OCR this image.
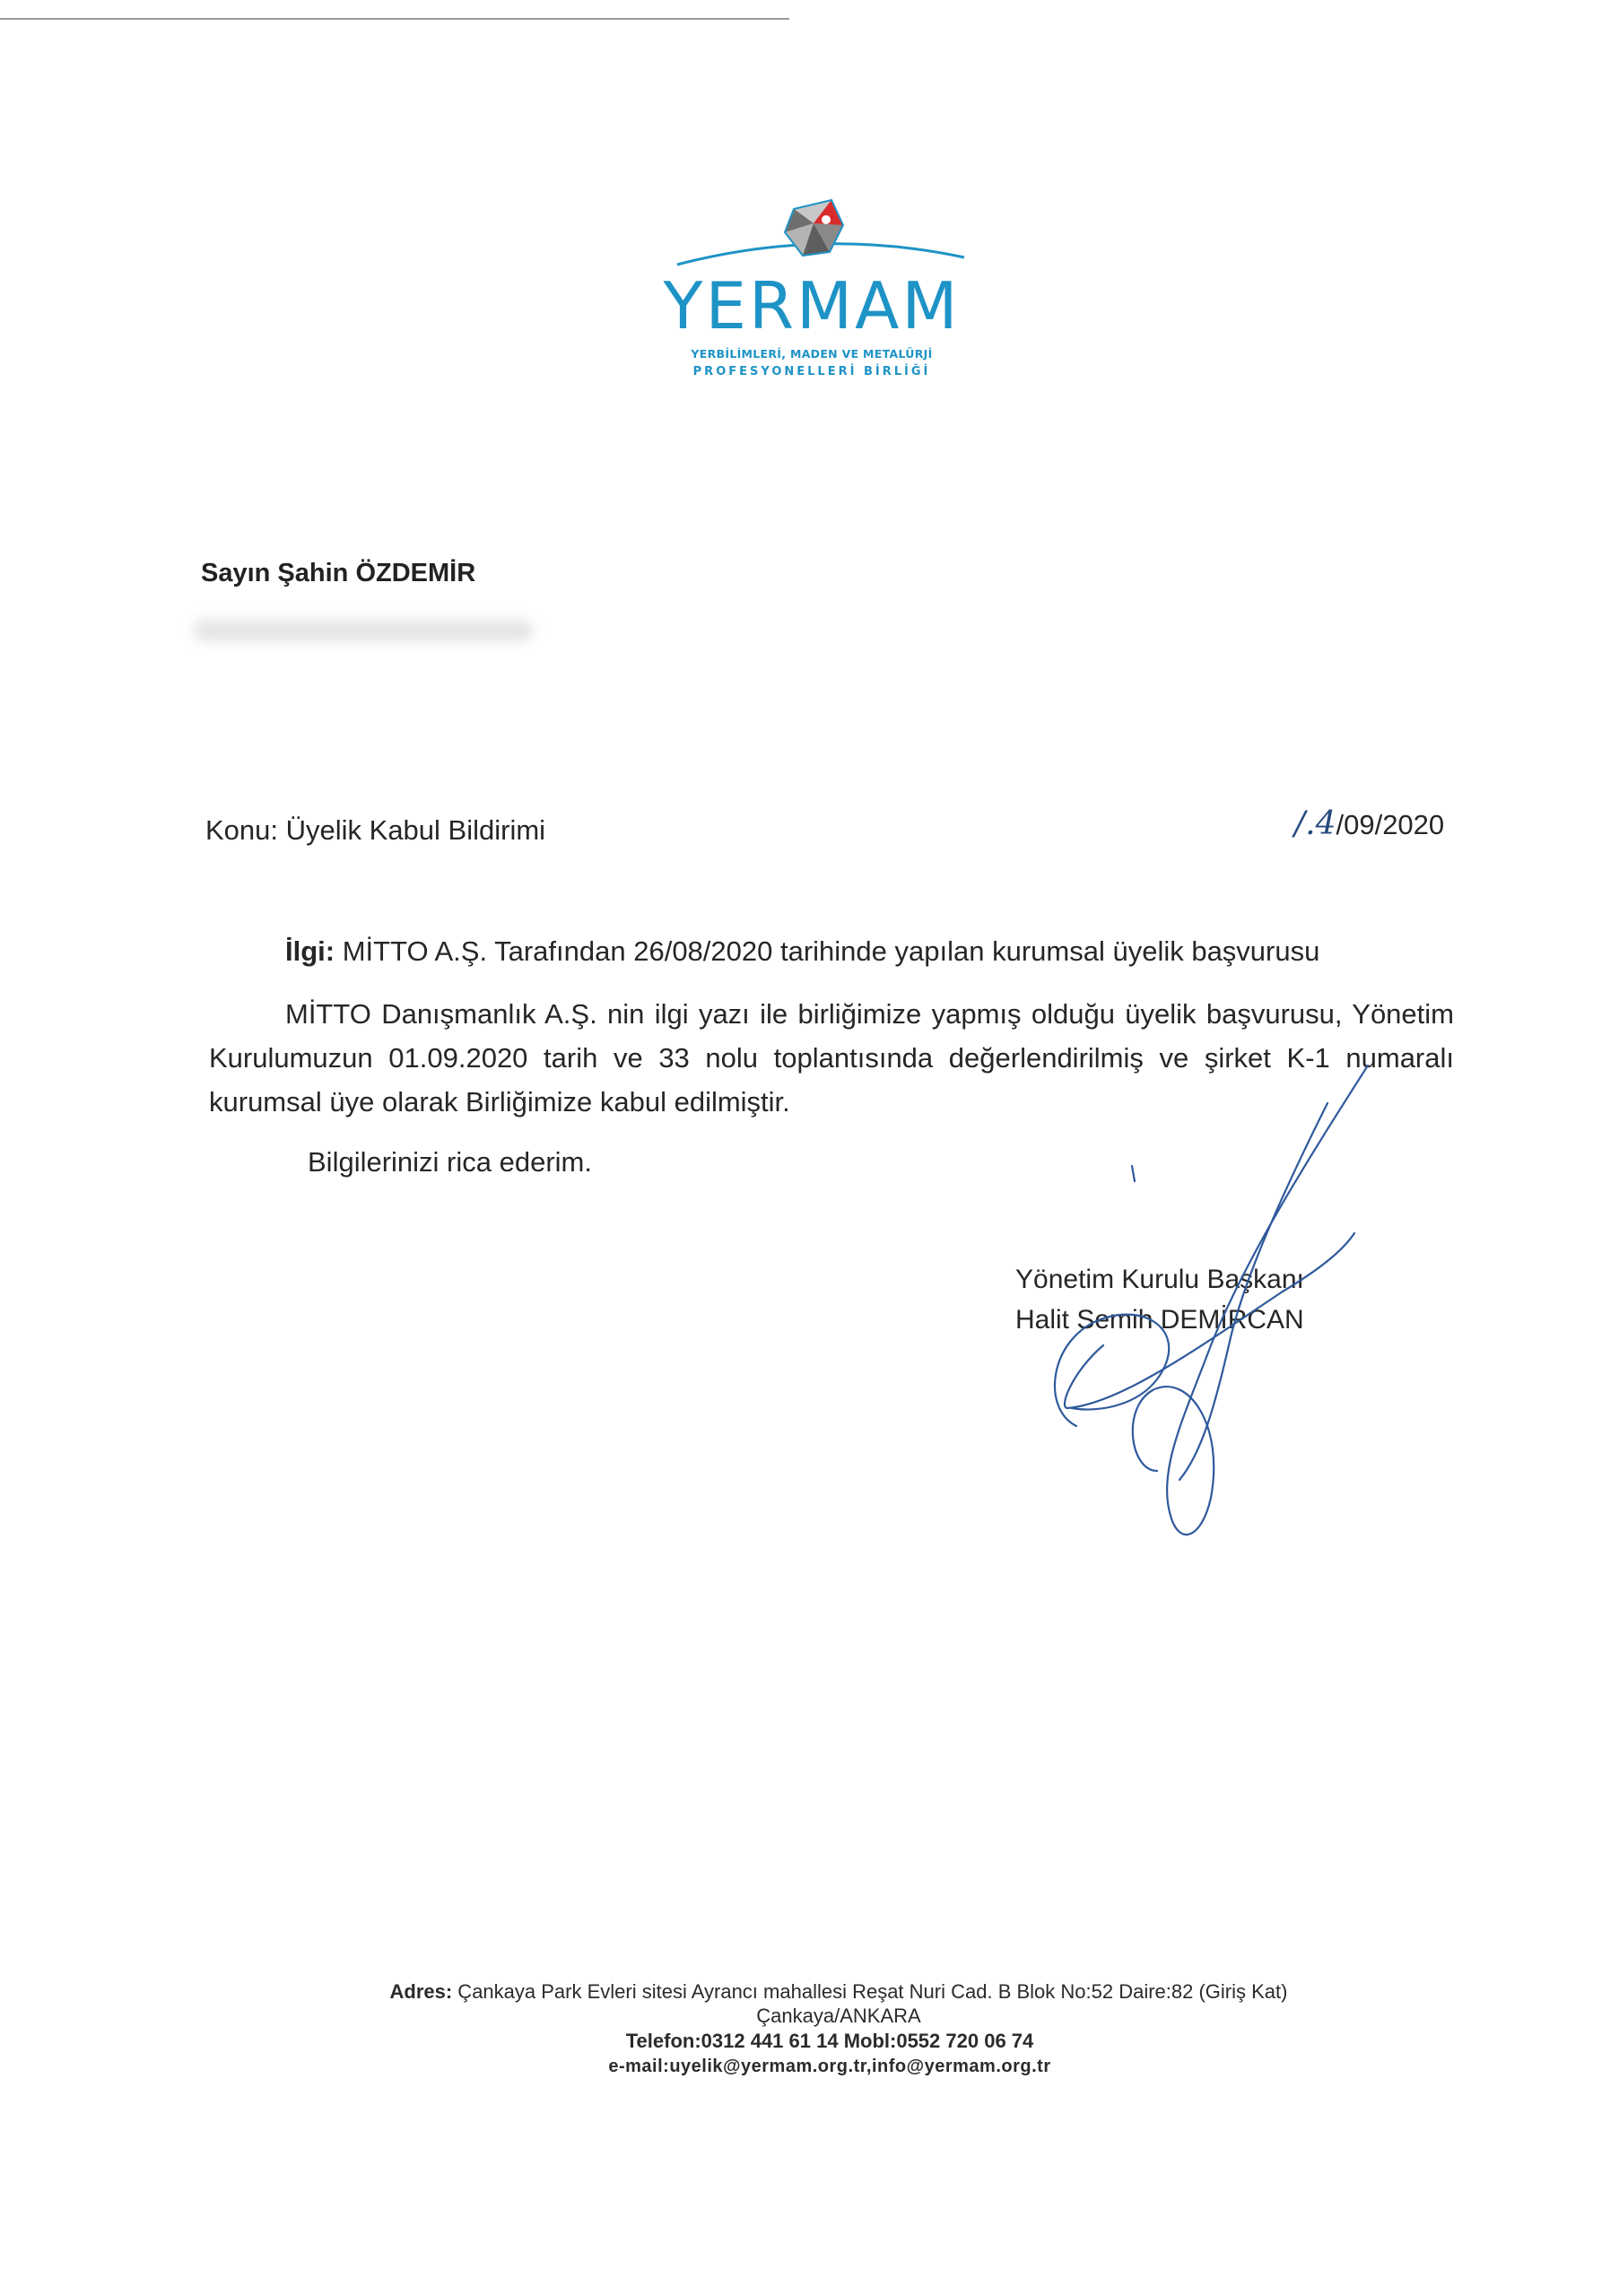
YERMAM
YERBİLİMLERİ, MADEN VE METALÜRJİ
PROFESYONELLERİ BİRLİĞİ
Sayın Şahin ÖZDEMİR
Konu: Üyelik Kabul Bildirimi	/.4/09/2020
İlgi: MİTTO A.Ş. Tarafından 26/08/2020 tarihinde yapılan kurumsal üyelik başvurusu
MİTTO Danışmanlık A.Ş. nin ilgi yazı ile birliğimize yapmış olduğu üyelik başvurusu, Yönetim Kurulumuzun 01.09.2020 tarih ve 33 nolu toplantısında değerlendirilmiş ve şirket K-1 numaralı kurumsal üye olarak Birliğimize kabul edilmiştir.
Bilgilerinizi rica ederim.
Yönetim Kurulu Başkanı
Halit Semih DEMİRCAN
Adres: Çankaya Park Evleri sitesi Ayrancı mahallesi Reşat Nuri Cad. B Blok No:52 Daire:82 (Giriş Kat)
Çankaya/ANKARA
Telefon:0312 441 61 14 Mobl:0552 720 06 74
e-mail:uyelik@yermam.org.tr,info@yermam.org.tr
